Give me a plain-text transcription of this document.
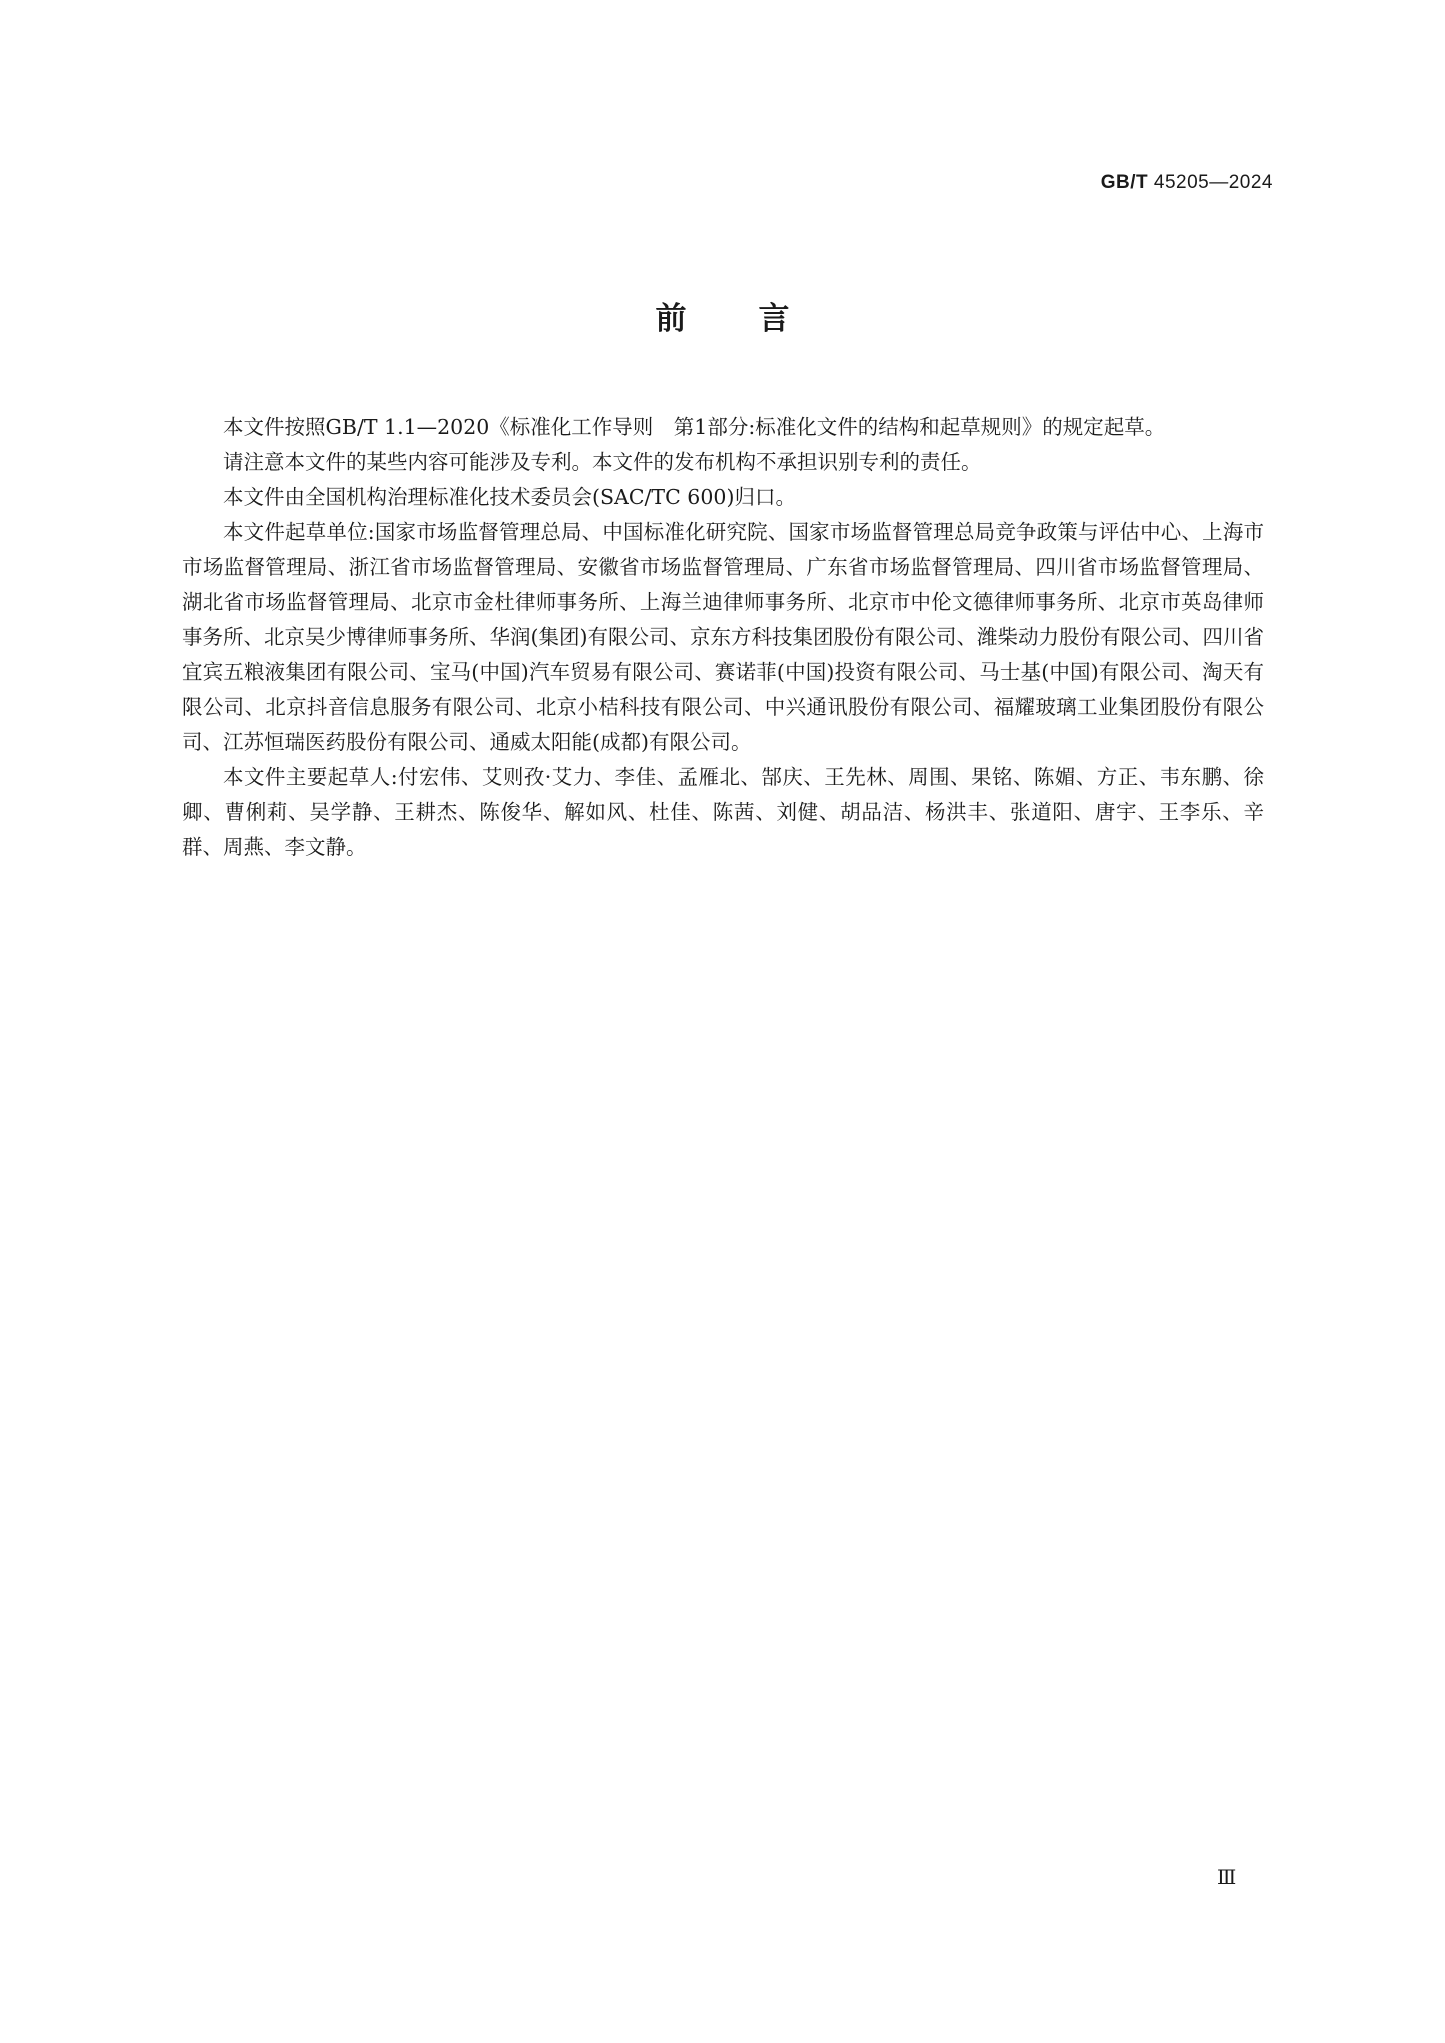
GB/T 45205—2024
前言

本文件按照GB/T 1.1—2020《标准化工作导则　第1部分:标准化文件的结构和起草规则》的规定起草。

请注意本文件的某些内容可能涉及专利。本文件的发布机构不承担识别专利的责任。

本文件由全国机构治理标准化技术委员会(SAC/TC 600)归口。

本文件起草单位:国家市场监督管理总局、中国标准化研究院、国家市场监督管理总局竞争政策与评估中心、上海市市场监督管理局、浙江省市场监督管理局、安徽省市场监督管理局、广东省市场监督管理局、四川省市场监督管理局、湖北省市场监督管理局、北京市金杜律师事务所、上海兰迪律师事务所、北京市中伦文德律师事务所、北京市英岛律师事务所、北京吴少博律师事务所、华润(集团)有限公司、京东方科技集团股份有限公司、潍柴动力股份有限公司、四川省宜宾五粮液集团有限公司、宝马(中国)汽车贸易有限公司、赛诺菲(中国)投资有限公司、马士基(中国)有限公司、淘天有限公司、北京抖音信息服务有限公司、北京小桔科技有限公司、中兴通讯股份有限公司、福耀玻璃工业集团股份有限公司、江苏恒瑞医药股份有限公司、通威太阳能(成都)有限公司。

本文件主要起草人:付宏伟、艾则孜·艾力、李佳、孟雁北、郜庆、王先林、周围、果铭、陈媚、方正、韦东鹏、徐卿、曹俐莉、吴学静、王耕杰、陈俊华、解如风、杜佳、陈茜、刘健、胡品洁、杨洪丰、张道阳、唐宇、王李乐、辛群、周燕、李文静。

Ⅲ
